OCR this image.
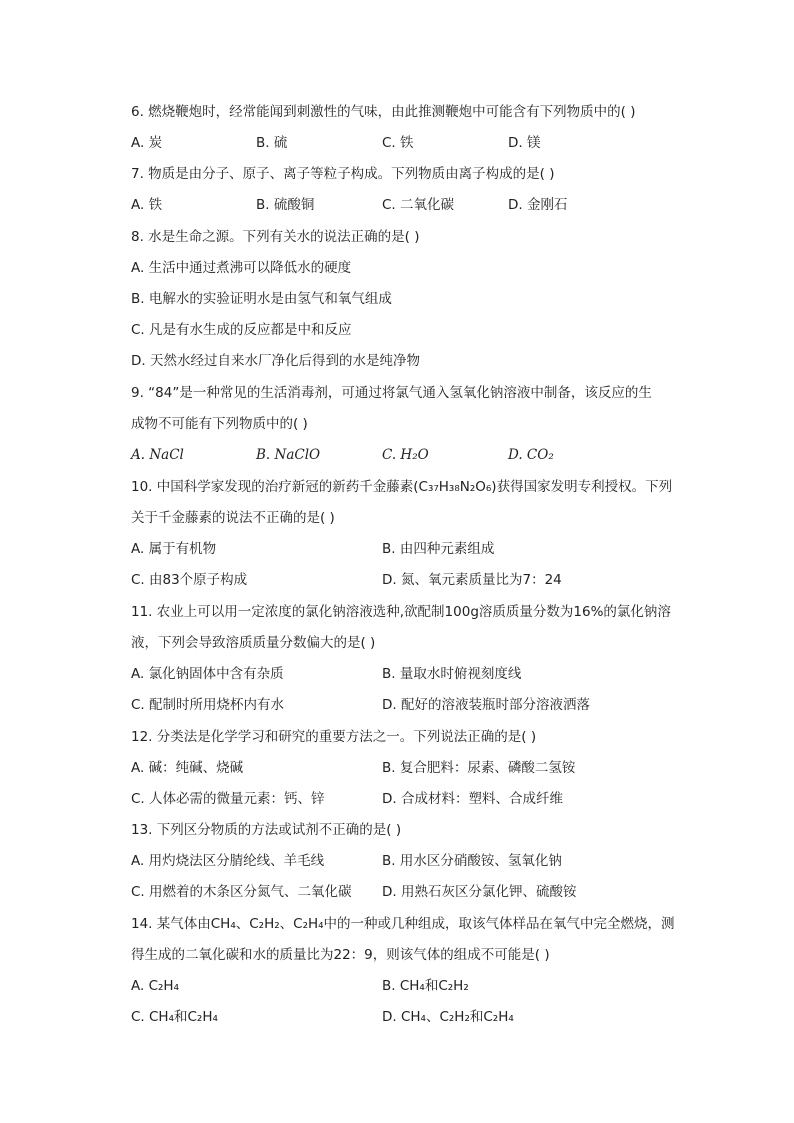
6. 燃烧鞭炮时，经常能闻到刺激性的气味，由此推测鞭炮中可能含有下列物质中的( )
A. 炭	B. 硫	C. 铁	D. 镁
7. 物质是由分子、原子、离子等粒子构成。下列物质由离子构成的是( )
A. 铁	B. 硫酸铜	C. 二氧化碳	D. 金刚石
8. 水是生命之源。下列有关水的说法正确的是( )
A. 生活中通过煮沸可以降低水的硬度
B. 电解水的实验证明水是由氢气和氧气组成
C. 凡是有水生成的反应都是中和反应
D. 天然水经过自来水厂净化后得到的水是纯净物
9. “84”是一种常见的生活消毒剂，可通过将氯气通入氢氧化钠溶液中制备，该反应的生
成物不可能有下列物质中的( )
A. NaCl	B. NaClO	C. H₂O	D. CO₂
10. 中国科学家发现的治疗新冠的新药千金藤素(C₃₇H₃₈N₂O₆)获得国家发明专利授权。下列
关于千金藤素的说法不正确的是( )
A. 属于有机物	B. 由四种元素组成
C. 由83个原子构成	D. 氮、氧元素质量比为7：24
11. 农业上可以用一定浓度的氯化钠溶液选种,欲配制100g溶质质量分数为16%的氯化钠溶
液，下列会导致溶质质量分数偏大的是( )
A. 氯化钠固体中含有杂质	B. 量取水时俯视刻度线
C. 配制时所用烧杯内有水	D. 配好的溶液装瓶时部分溶液洒落
12. 分类法是化学学习和研究的重要方法之一。下列说法正确的是( )
A. 碱：纯碱、烧碱	B. 复合肥料：尿素、磷酸二氢铵
C. 人体必需的微量元素：钙、锌	D. 合成材料：塑料、合成纤维
13. 下列区分物质的方法或试剂不正确的是( )
A. 用灼烧法区分腈纶线、羊毛线	B. 用水区分硝酸铵、氢氧化钠
C. 用燃着的木条区分氮气、二氧化碳 D. 用熟石灰区分氯化钾、硫酸铵
14. 某气体由CH₄、C₂H₂、C₂H₄中的一种或几种组成，取该气体样品在氧气中完全燃烧，测
得生成的二氧化碳和水的质量比为22：9，则该气体的组成不可能是( )
A. C₂H₄	B. CH₄和C₂H₂
C. CH₄和C₂H₄	D. CH₄、C₂H₂和C₂H₄
